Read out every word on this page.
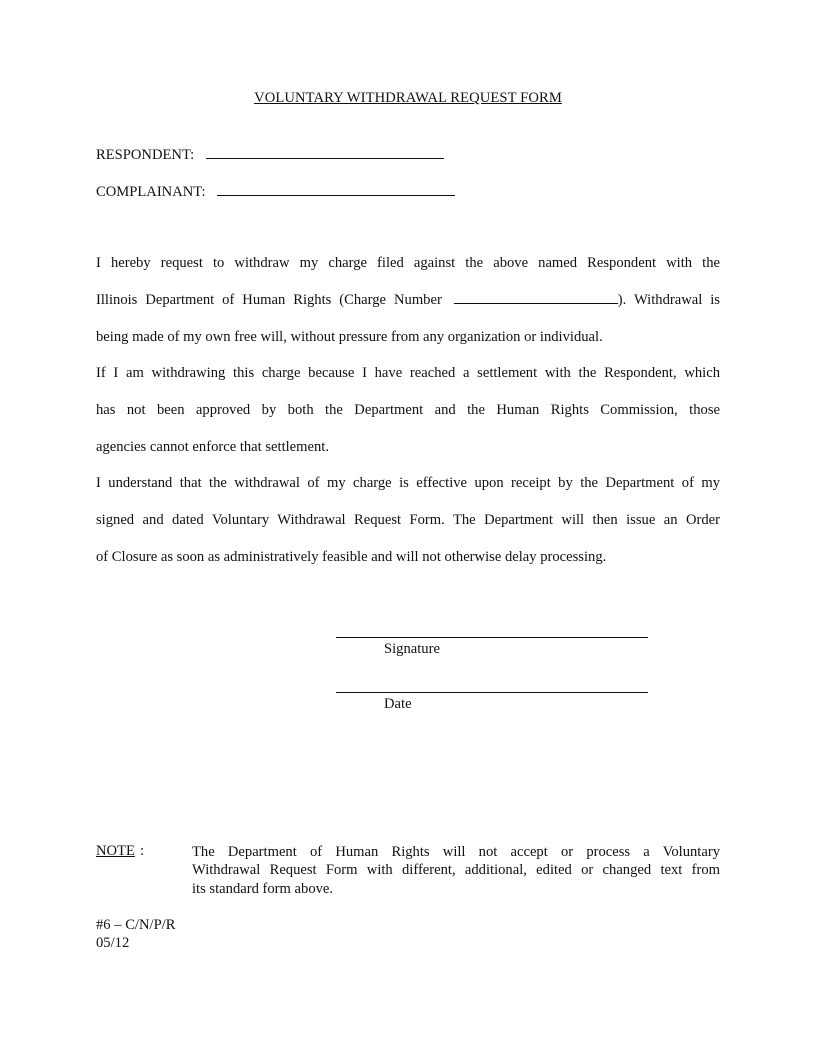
VOLUNTARY WITHDRAWAL REQUEST FORM
RESPONDENT:
COMPLAINANT:
I hereby request to withdraw my charge filed against the above named Respondent with the
Illinois Department of Human Rights (Charge Number	). Withdrawal is
being made of my own free will, without pressure from any organization or individual.
If I am withdrawing this charge because I have reached a settlement with the Respondent, which
has not been approved by both the Department and the Human Rights Commission, those
agencies cannot enforce that settlement.
I understand that the withdrawal of my charge is effective upon receipt by the Department of my
signed and dated Voluntary Withdrawal Request Form. The Department will then issue an Order
of Closure as soon as administratively feasible and will not otherwise delay processing.
Signature
Date
NOTE :	The Department of Human Rights will not accept or process a Voluntary
Withdrawal Request Form with different, additional, edited or changed text from
its standard form above.
#6 – C/N/P/R
05/12
